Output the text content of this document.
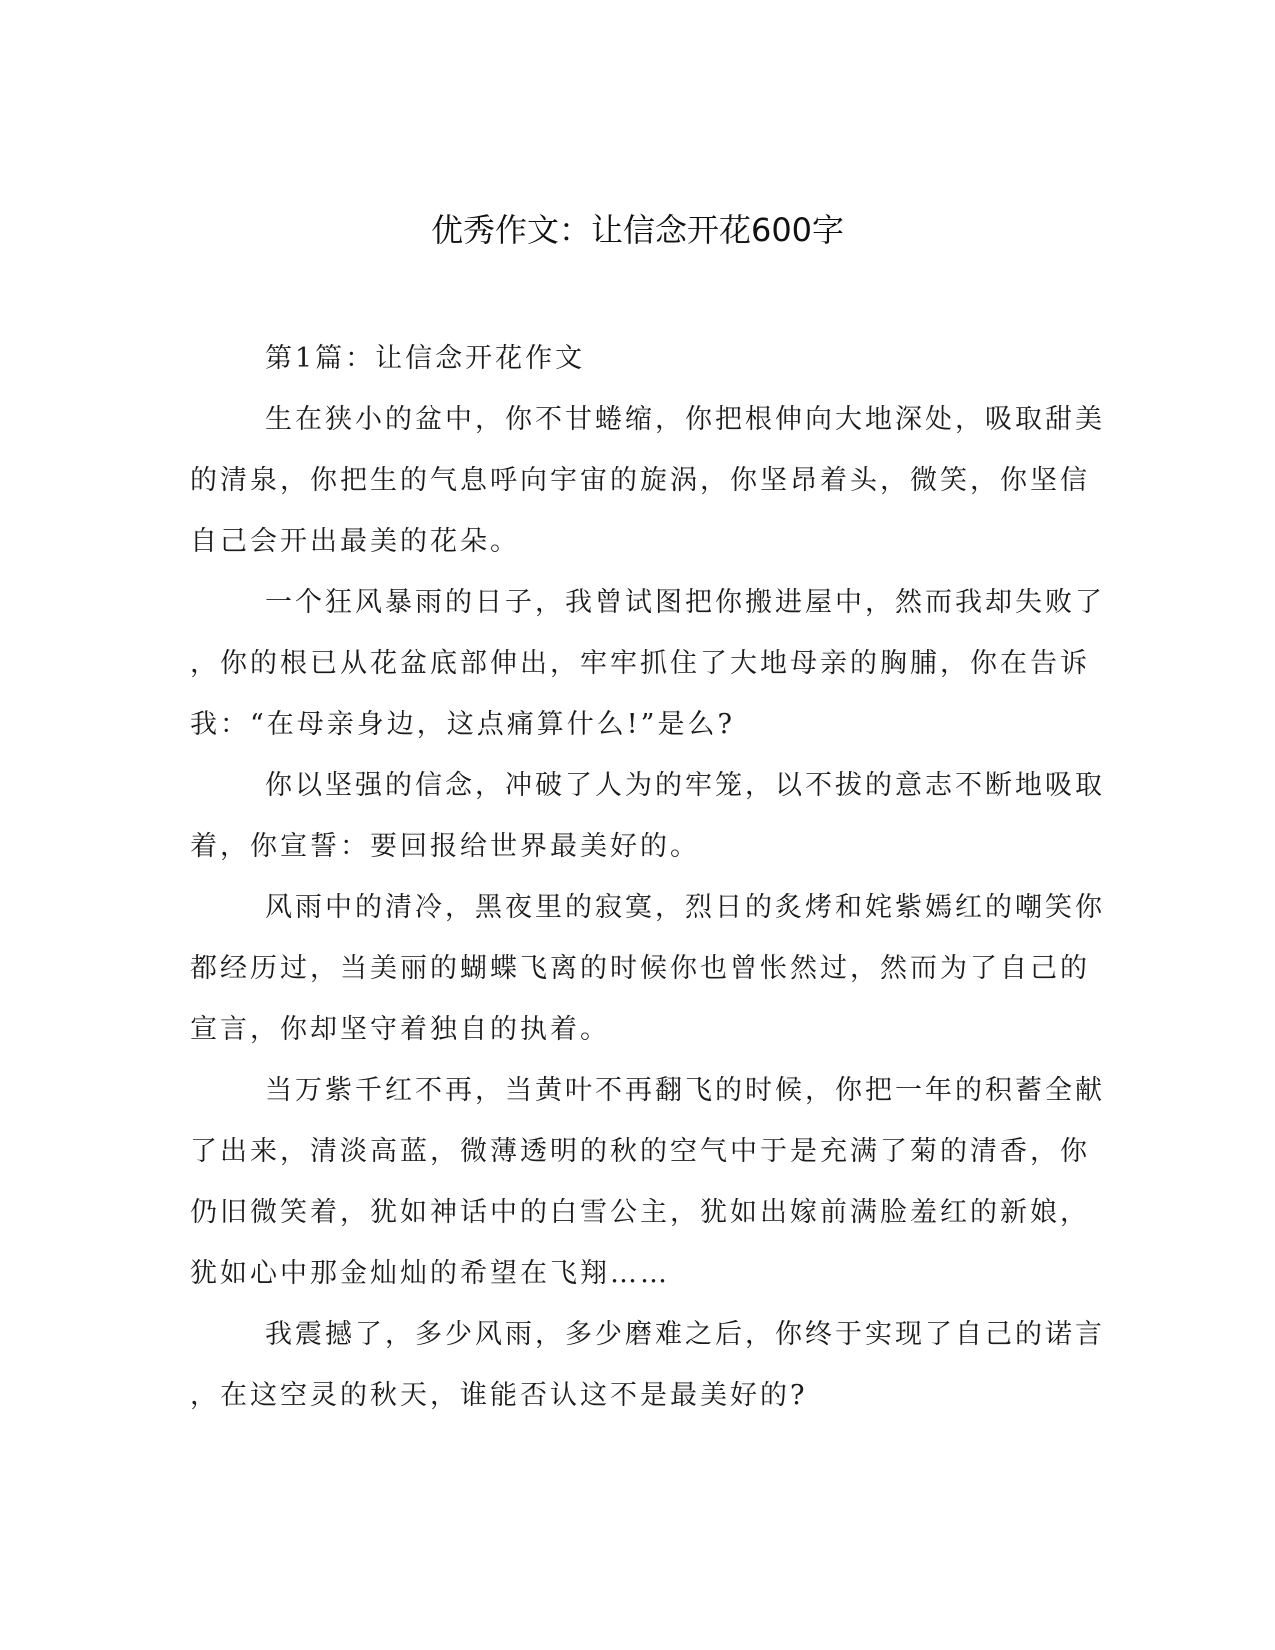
优秀作文：让信念开花600字
第1篇：让信念开花作文
生在狭小的盆中，你不甘蜷缩，你把根伸向大地深处，吸取甜美
的清泉，你把生的气息呼向宇宙的旋涡，你坚昂着头，微笑，你坚信
自己会开出最美的花朵。
一个狂风暴雨的日子，我曾试图把你搬进屋中，然而我却失败了
，你的根已从花盆底部伸出，牢牢抓住了大地母亲的胸脯，你在告诉
我：“在母亲身边，这点痛算什么!”是么?
你以坚强的信念，冲破了人为的牢笼，以不拔的意志不断地吸取
着，你宣誓：要回报给世界最美好的。
风雨中的清冷，黑夜里的寂寞，烈日的炙烤和姹紫嫣红的嘲笑你
都经历过，当美丽的蝴蝶飞离的时候你也曾怅然过，然而为了自己的
宣言，你却坚守着独自的执着。
当万紫千红不再，当黄叶不再翻飞的时候，你把一年的积蓄全献
了出来，清淡高蓝，微薄透明的秋的空气中于是充满了菊的清香，你
仍旧微笑着，犹如神话中的白雪公主，犹如出嫁前满脸羞红的新娘，
犹如心中那金灿灿的希望在飞翔……
我震撼了，多少风雨，多少磨难之后，你终于实现了自己的诺言
，在这空灵的秋天，谁能否认这不是最美好的?
